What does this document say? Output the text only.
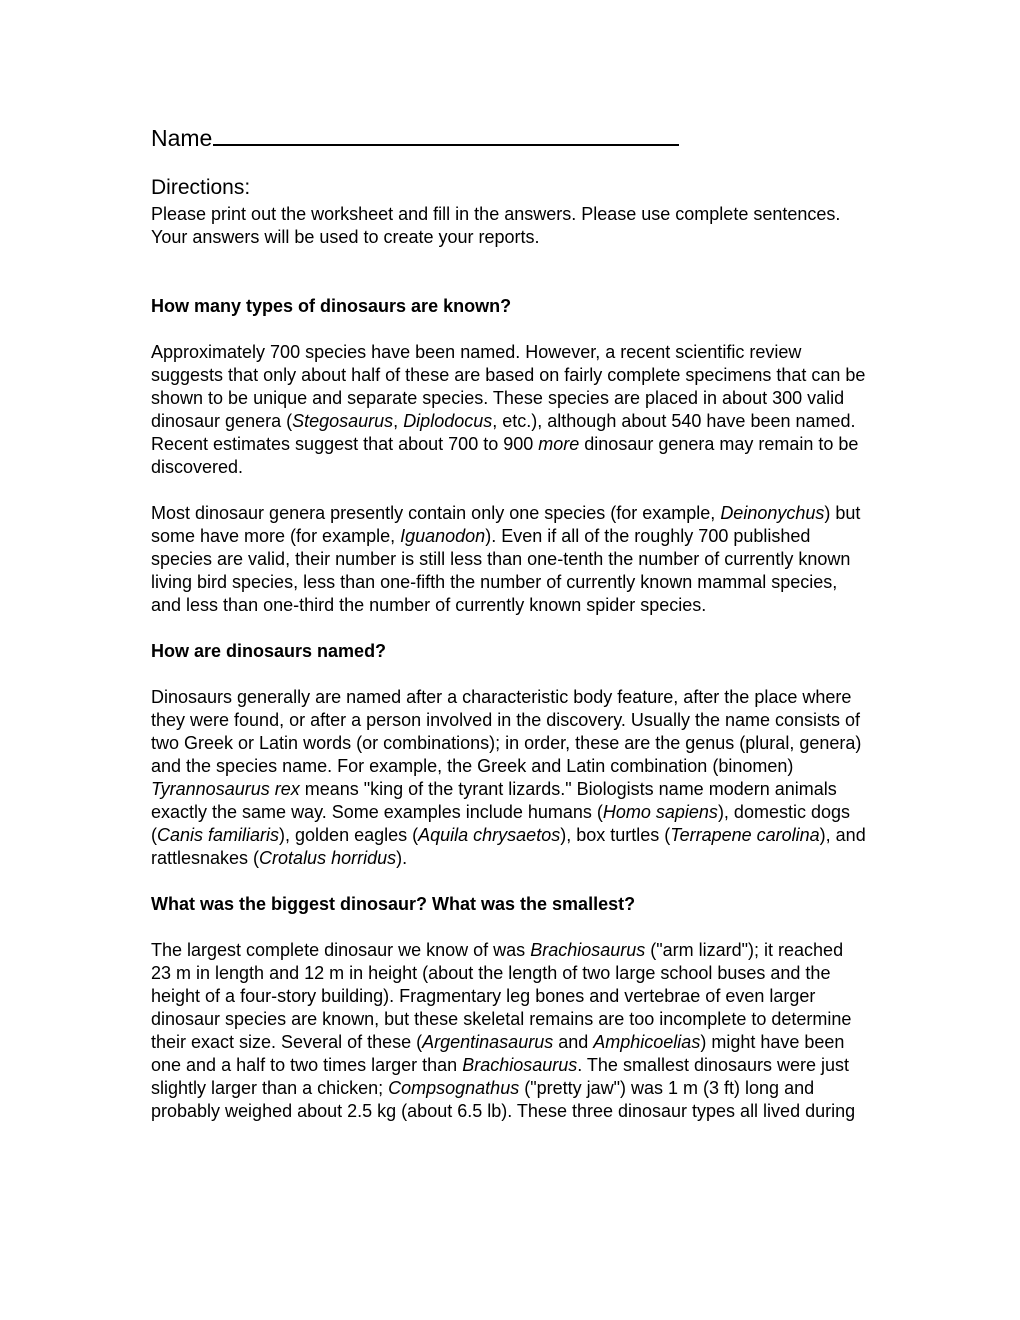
Name

Directions:

Please print out the worksheet and fill in the answers. Please use complete sentences. Your answers will be used to create your reports.

How many types of dinosaurs are known?

Approximately 700 species have been named. However, a recent scientific review suggests that only about half of these are based on fairly complete specimens that can be shown to be unique and separate species. These species are placed in about 300 valid dinosaur genera (Stegosaurus, Diplodocus, etc.), although about 540 have been named. Recent estimates suggest that about 700 to 900 more dinosaur genera may remain to be discovered.

Most dinosaur genera presently contain only one species (for example, Deinonychus) but some have more (for example, Iguanodon). Even if all of the roughly 700 published species are valid, their number is still less than one-tenth the number of currently known living bird species, less than one-fifth the number of currently known mammal species, and less than one-third the number of currently known spider species.

How are dinosaurs named?

Dinosaurs generally are named after a characteristic body feature, after the place where they were found, or after a person involved in the discovery. Usually the name consists of two Greek or Latin words (or combinations); in order, these are the genus (plural, genera) and the species name. For example, the Greek and Latin combination (binomen) Tyrannosaurus rex means "king of the tyrant lizards." Biologists name modern animals exactly the same way. Some examples include humans (Homo sapiens), domestic dogs (Canis familiaris), golden eagles (Aquila chrysaetos), box turtles (Terrapene carolina), and rattlesnakes (Crotalus horridus).

What was the biggest dinosaur? What was the smallest?

The largest complete dinosaur we know of was Brachiosaurus ("arm lizard"); it reached 23 m in length and 12 m in height (about the length of two large school buses and the height of a four-story building). Fragmentary leg bones and vertebrae of even larger dinosaur species are known, but these skeletal remains are too incomplete to determine their exact size. Several of these (Argentinasaurus and Amphicoelias) might have been one and a half to two times larger than Brachiosaurus. The smallest dinosaurs were just slightly larger than a chicken; Compsognathus ("pretty jaw") was 1 m (3 ft) long and probably weighed about 2.5 kg (about 6.5 lb). These three dinosaur types all lived during
